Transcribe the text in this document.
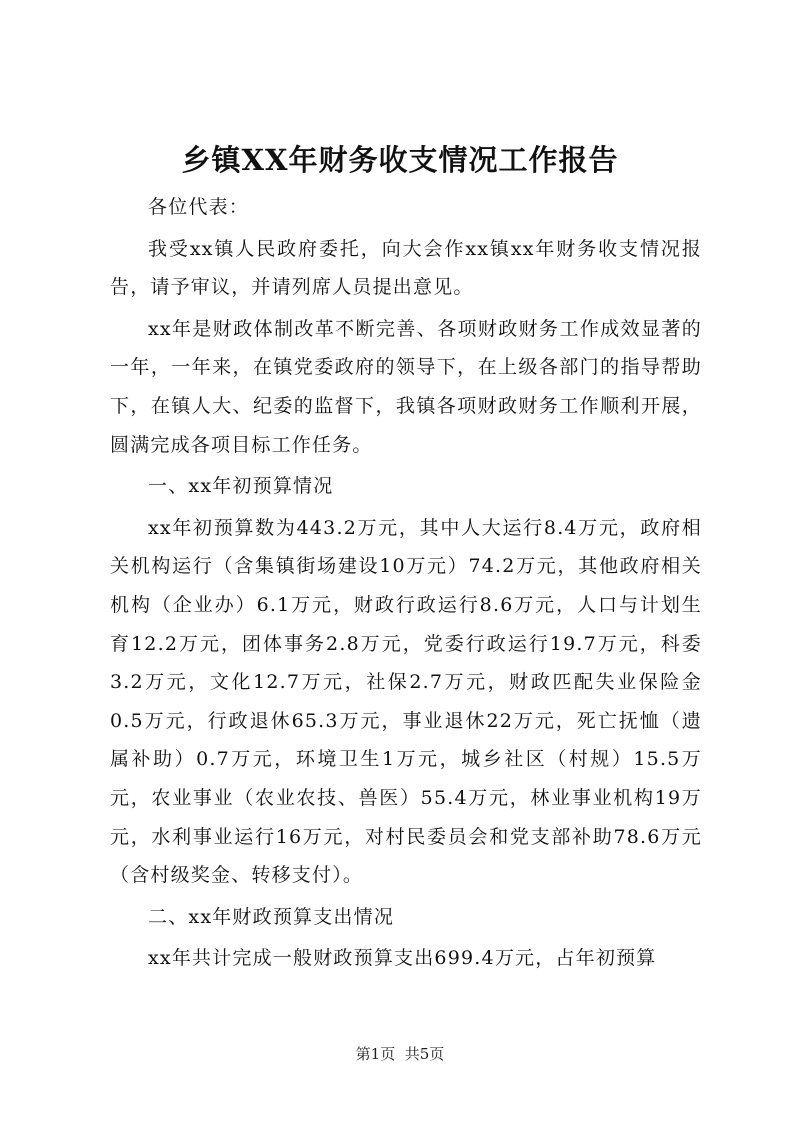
乡镇XX年财务收支情况工作报告

各位代表：

我受xx镇人民政府委托，向大会作xx镇xx年财务收支情况报告，请予审议，并请列席人员提出意见。

xx年是财政体制改革不断完善、各项财政财务工作成效显著的一年，一年来，在镇党委政府的领导下，在上级各部门的指导帮助下，在镇人大、纪委的监督下，我镇各项财政财务工作顺利开展，圆满完成各项目标工作任务。

一、xx年初预算情况

xx年初预算数为443.2万元，其中人大运行8.4万元，政府相关机构运行（含集镇街场建设10万元）74.2万元，其他政府相关机构（企业办）6.1万元，财政行政运行8.6万元，人口与计划生育12.2万元，团体事务2.8万元，党委行政运行19.7万元，科委3.2万元，文化12.7万元，社保2.7万元，财政匹配失业保险金0.5万元，行政退休65.3万元，事业退休22万元，死亡抚恤（遗属补助）0.7万元，环境卫生1万元，城乡社区（村规）15.5万元，农业事业（农业农技、兽医）55.4万元，林业事业机构19万元，水利事业运行16万元，对村民委员会和党支部补助78.6万元（含村级奖金、转移支付）。

二、xx年财政预算支出情况

xx年共计完成一般财政预算支出699.4万元，占年初预算

第1页 共5页
